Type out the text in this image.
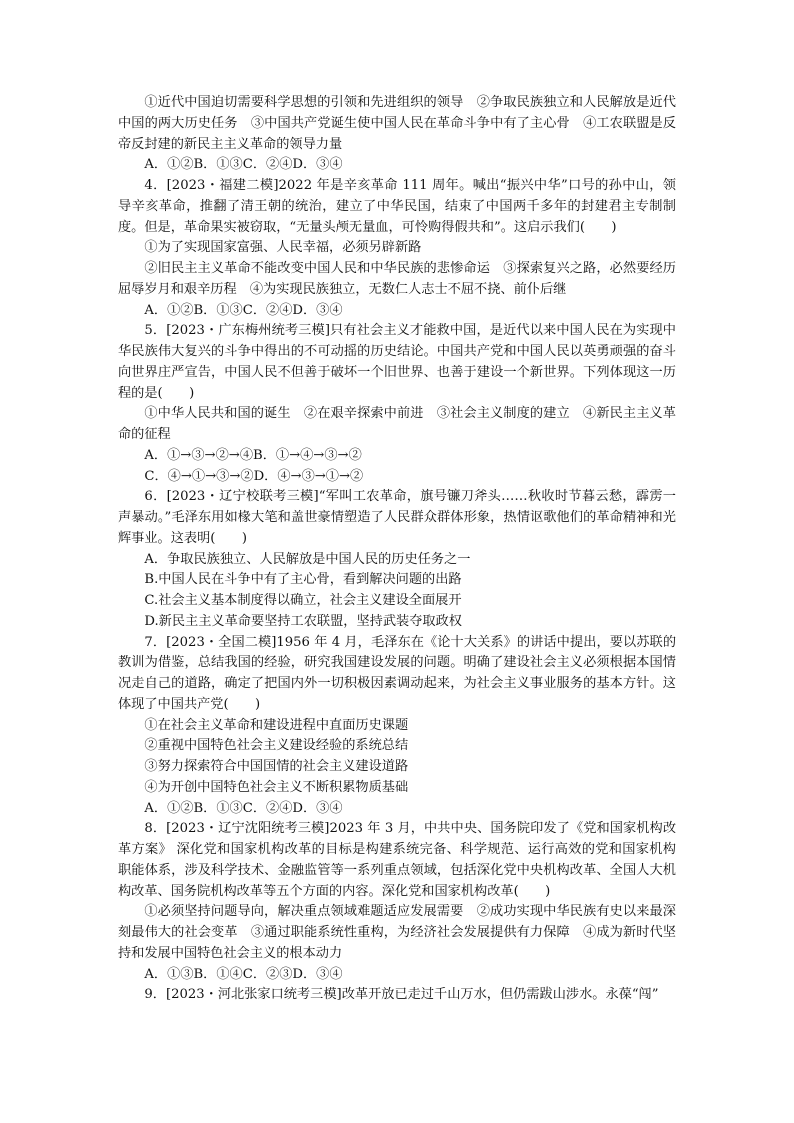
①近代中国迫切需要科学思想的引领和先进组织的领导　②争取民族独立和人民解放是近代中国的两大历史任务　③中国共产党诞生使中国人民在革命斗争中有了主心骨　④工农联盟是反帝反封建的新民主主义革命的领导力量

A．①②B．①③C．②④D．③④

4．[2023・福建二模]2022 年是辛亥革命 111 周年。喊出“振兴中华”口号的孙中山，领导辛亥革命，推翻了清王朝的统治，建立了中华民国，结束了中国两千多年的封建君主专制制度。但是，革命果实被窃取，“无量头颅无量血，可怜购得假共和”。这启示我们(　　)

①为了实现国家富强、人民幸福，必须另辟新路

②旧民主主义革命不能改变中国人民和中华民族的悲惨命运　③探索复兴之路，必然要经历屈辱岁月和艰辛历程　④为实现民族独立，无数仁人志士不屈不挠、前仆后继

A．①②B．①③C．②④D．③④

5．[2023・广东梅州统考三模]只有社会主义才能救中国，是近代以来中国人民在为实现中华民族伟大复兴的斗争中得出的不可动摇的历史结论。中国共产党和中国人民以英勇顽强的奋斗向世界庄严宣告，中国人民不但善于破坏一个旧世界、也善于建设一个新世界。下列体现这一历程的是(　　)

①中华人民共和国的诞生　②在艰辛探索中前进　③社会主义制度的建立　④新民主主义革命的征程

A．①→③→②→④B．①→④→③→②

C．④→①→③→②D．④→③→①→②

6．[2023・辽宁校联考三模]“军叫工农革命，旗号镰刀斧头……秋收时节暮云愁，霹雳一声暴动。”毛泽东用如椽大笔和盖世豪情塑造了人民群众群体形象，热情讴歌他们的革命精神和光辉事业。这表明(　　)

A．争取民族独立、人民解放是中国人民的历史任务之一

B.中国人民在斗争中有了主心骨，看到解决问题的出路

C.社会主义基本制度得以确立，社会主义建设全面展开

D.新民主主义革命要坚持工农联盟，坚持武装夺取政权

7．[2023・全国二模]1956 年 4 月，毛泽东在《论十大关系》的讲话中提出，要以苏联的教训为借鉴，总结我国的经验，研究我国建设发展的问题。明确了建设社会主义必须根据本国情况走自己的道路，确定了把国内外一切积极因素调动起来，为社会主义事业服务的基本方针。这体现了中国共产党(　　)

①在社会主义革命和建设进程中直面历史课题

②重视中国特色社会主义建设经验的系统总结

③努力探索符合中国国情的社会主义建设道路

④为开创中国特色社会主义不断积累物质基础

A．①②B．①③C．②④D．③④

8．[2023・辽宁沈阳统考三模]2023 年 3 月，中共中央、国务院印发了《党和国家机构改革方案》 深化党和国家机构改革的目标是构建系统完备、科学规范、运行高效的党和国家机构职能体系，涉及科学技术、金融监管等一系列重点领域，包括深化党中央机构改革、全国人大机构改革、国务院机构改革等五个方面的内容。深化党和国家机构改革(　　)

①必须坚持问题导向，解决重点领域难题适应发展需要　②成功实现中华民族有史以来最深刻最伟大的社会变革　③通过职能系统性重构，为经济社会发展提供有力保障　④成为新时代坚持和发展中国特色社会主义的根本动力

A．①③B．①④C．②③D．③④

9．[2023・河北张家口统考三模]改革开放已走过千山万水，但仍需跋山涉水。永葆“闯”
